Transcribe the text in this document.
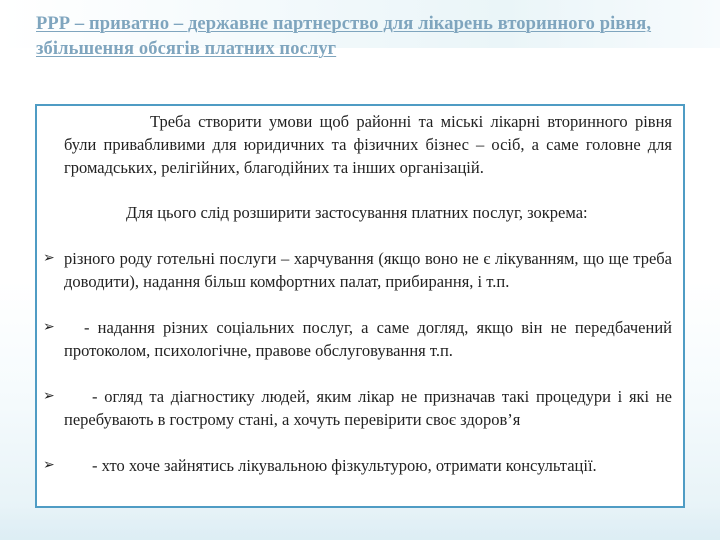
РРР – приватно – державне партнерство для лікарень вторинного рівня, збільшення обсягів платних послуг
Треба створити умови щоб районні та міські лікарні вторинного рівня були привабливими для юридичних та фізичних бізнес – осіб, а саме головне для громадських, релігійних, благодійних та інших організацій.
Для цього слід розширити застосування платних послуг, зокрема:
➢ різного роду готельні послуги – харчування (якщо воно не є лікуванням, що ще треба доводити), надання більш комфортних палат, прибирання, і т.п.
➢ - надання різних соціальних послуг, а саме догляд, якщо він не передбачений протоколом, психологічне, правове обслуговування т.п.
➢ - огляд та діагностику людей, яким лікар не призначав такі процедури і які не перебувають в гострому стані, а хочуть перевірити своє здоров’я
➢ - хто хоче зайнятись лікувальною фізкультурою, отримати консультації.
